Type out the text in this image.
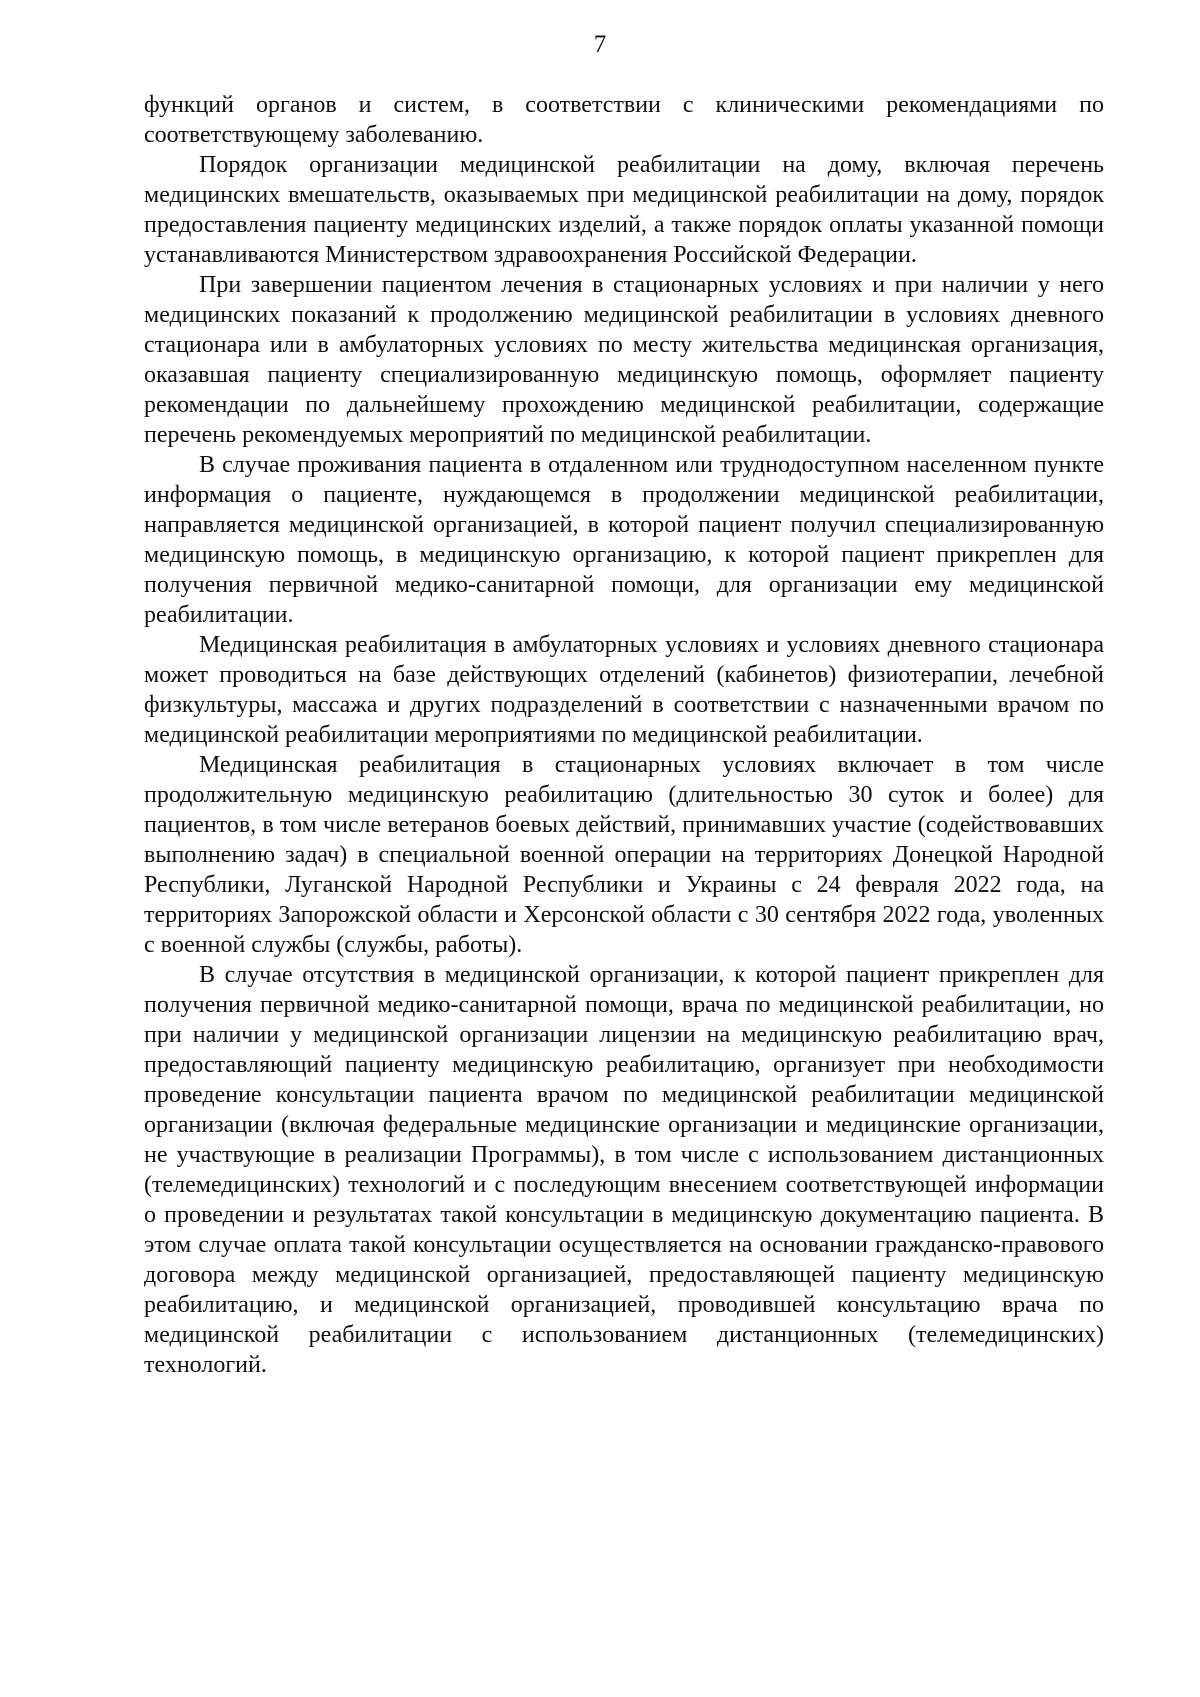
7

функций органов и систем, в соответствии с клиническими рекомендациями по соответствующему заболеванию.

Порядок организации медицинской реабилитации на дому, включая перечень медицинских вмешательств, оказываемых при медицинской реабилитации на дому, порядок предоставления пациенту медицинских изделий, а также порядок оплаты указанной помощи устанавливаются Министерством здравоохранения Российской Федерации.

При завершении пациентом лечения в стационарных условиях и при наличии у него медицинских показаний к продолжению медицинской реабилитации в условиях дневного стационара или в амбулаторных условиях по месту жительства медицинская организация, оказавшая пациенту специализированную медицинскую помощь, оформляет пациенту рекомендации по дальнейшему прохождению медицинской реабилитации, содержащие перечень рекомендуемых мероприятий по медицинской реабилитации.

В случае проживания пациента в отдаленном или труднодоступном населенном пункте информация о пациенте, нуждающемся в продолжении медицинской реабилитации, направляется медицинской организацией, в которой пациент получил специализированную медицинскую помощь, в медицинскую организацию, к которой пациент прикреплен для получения первичной медико-санитарной помощи, для организации ему медицинской реабилитации.

Медицинская реабилитация в амбулаторных условиях и условиях дневного стационара может проводиться на базе действующих отделений (кабинетов) физиотерапии, лечебной физкультуры, массажа и других подразделений в соответствии с назначенными врачом по медицинской реабилитации мероприятиями по медицинской реабилитации.

Медицинская реабилитация в стационарных условиях включает в том числе продолжительную медицинскую реабилитацию (длительностью 30 суток и более) для пациентов, в том числе ветеранов боевых действий, принимавших участие (содействовавших выполнению задач) в специальной военной операции на территориях Донецкой Народной Республики, Луганской Народной Республики и Украины с 24 февраля 2022 года, на территориях Запорожской области и Херсонской области с 30 сентября 2022 года, уволенных с военной службы (службы, работы).

В случае отсутствия в медицинской организации, к которой пациент прикреплен для получения первичной медико-санитарной помощи, врача по медицинской реабилитации, но при наличии у медицинской организации лицензии на медицинскую реабилитацию врач, предоставляющий пациенту медицинскую реабилитацию, организует при необходимости проведение консультации пациента врачом по медицинской реабилитации медицинской организации (включая федеральные медицинские организации и медицинские организации, не участвующие в реализации Программы), в том числе с использованием дистанционных (телемедицинских) технологий и с последующим внесением соответствующей информации о проведении и результатах такой консультации в медицинскую документацию пациента. В этом случае оплата такой консультации осуществляется на основании гражданско-правового договора между медицинской организацией, предоставляющей пациенту медицинскую реабилитацию, и медицинской организацией, проводившей консультацию врача по медицинской реабилитации с использованием дистанционных (телемедицинских) технологий.
